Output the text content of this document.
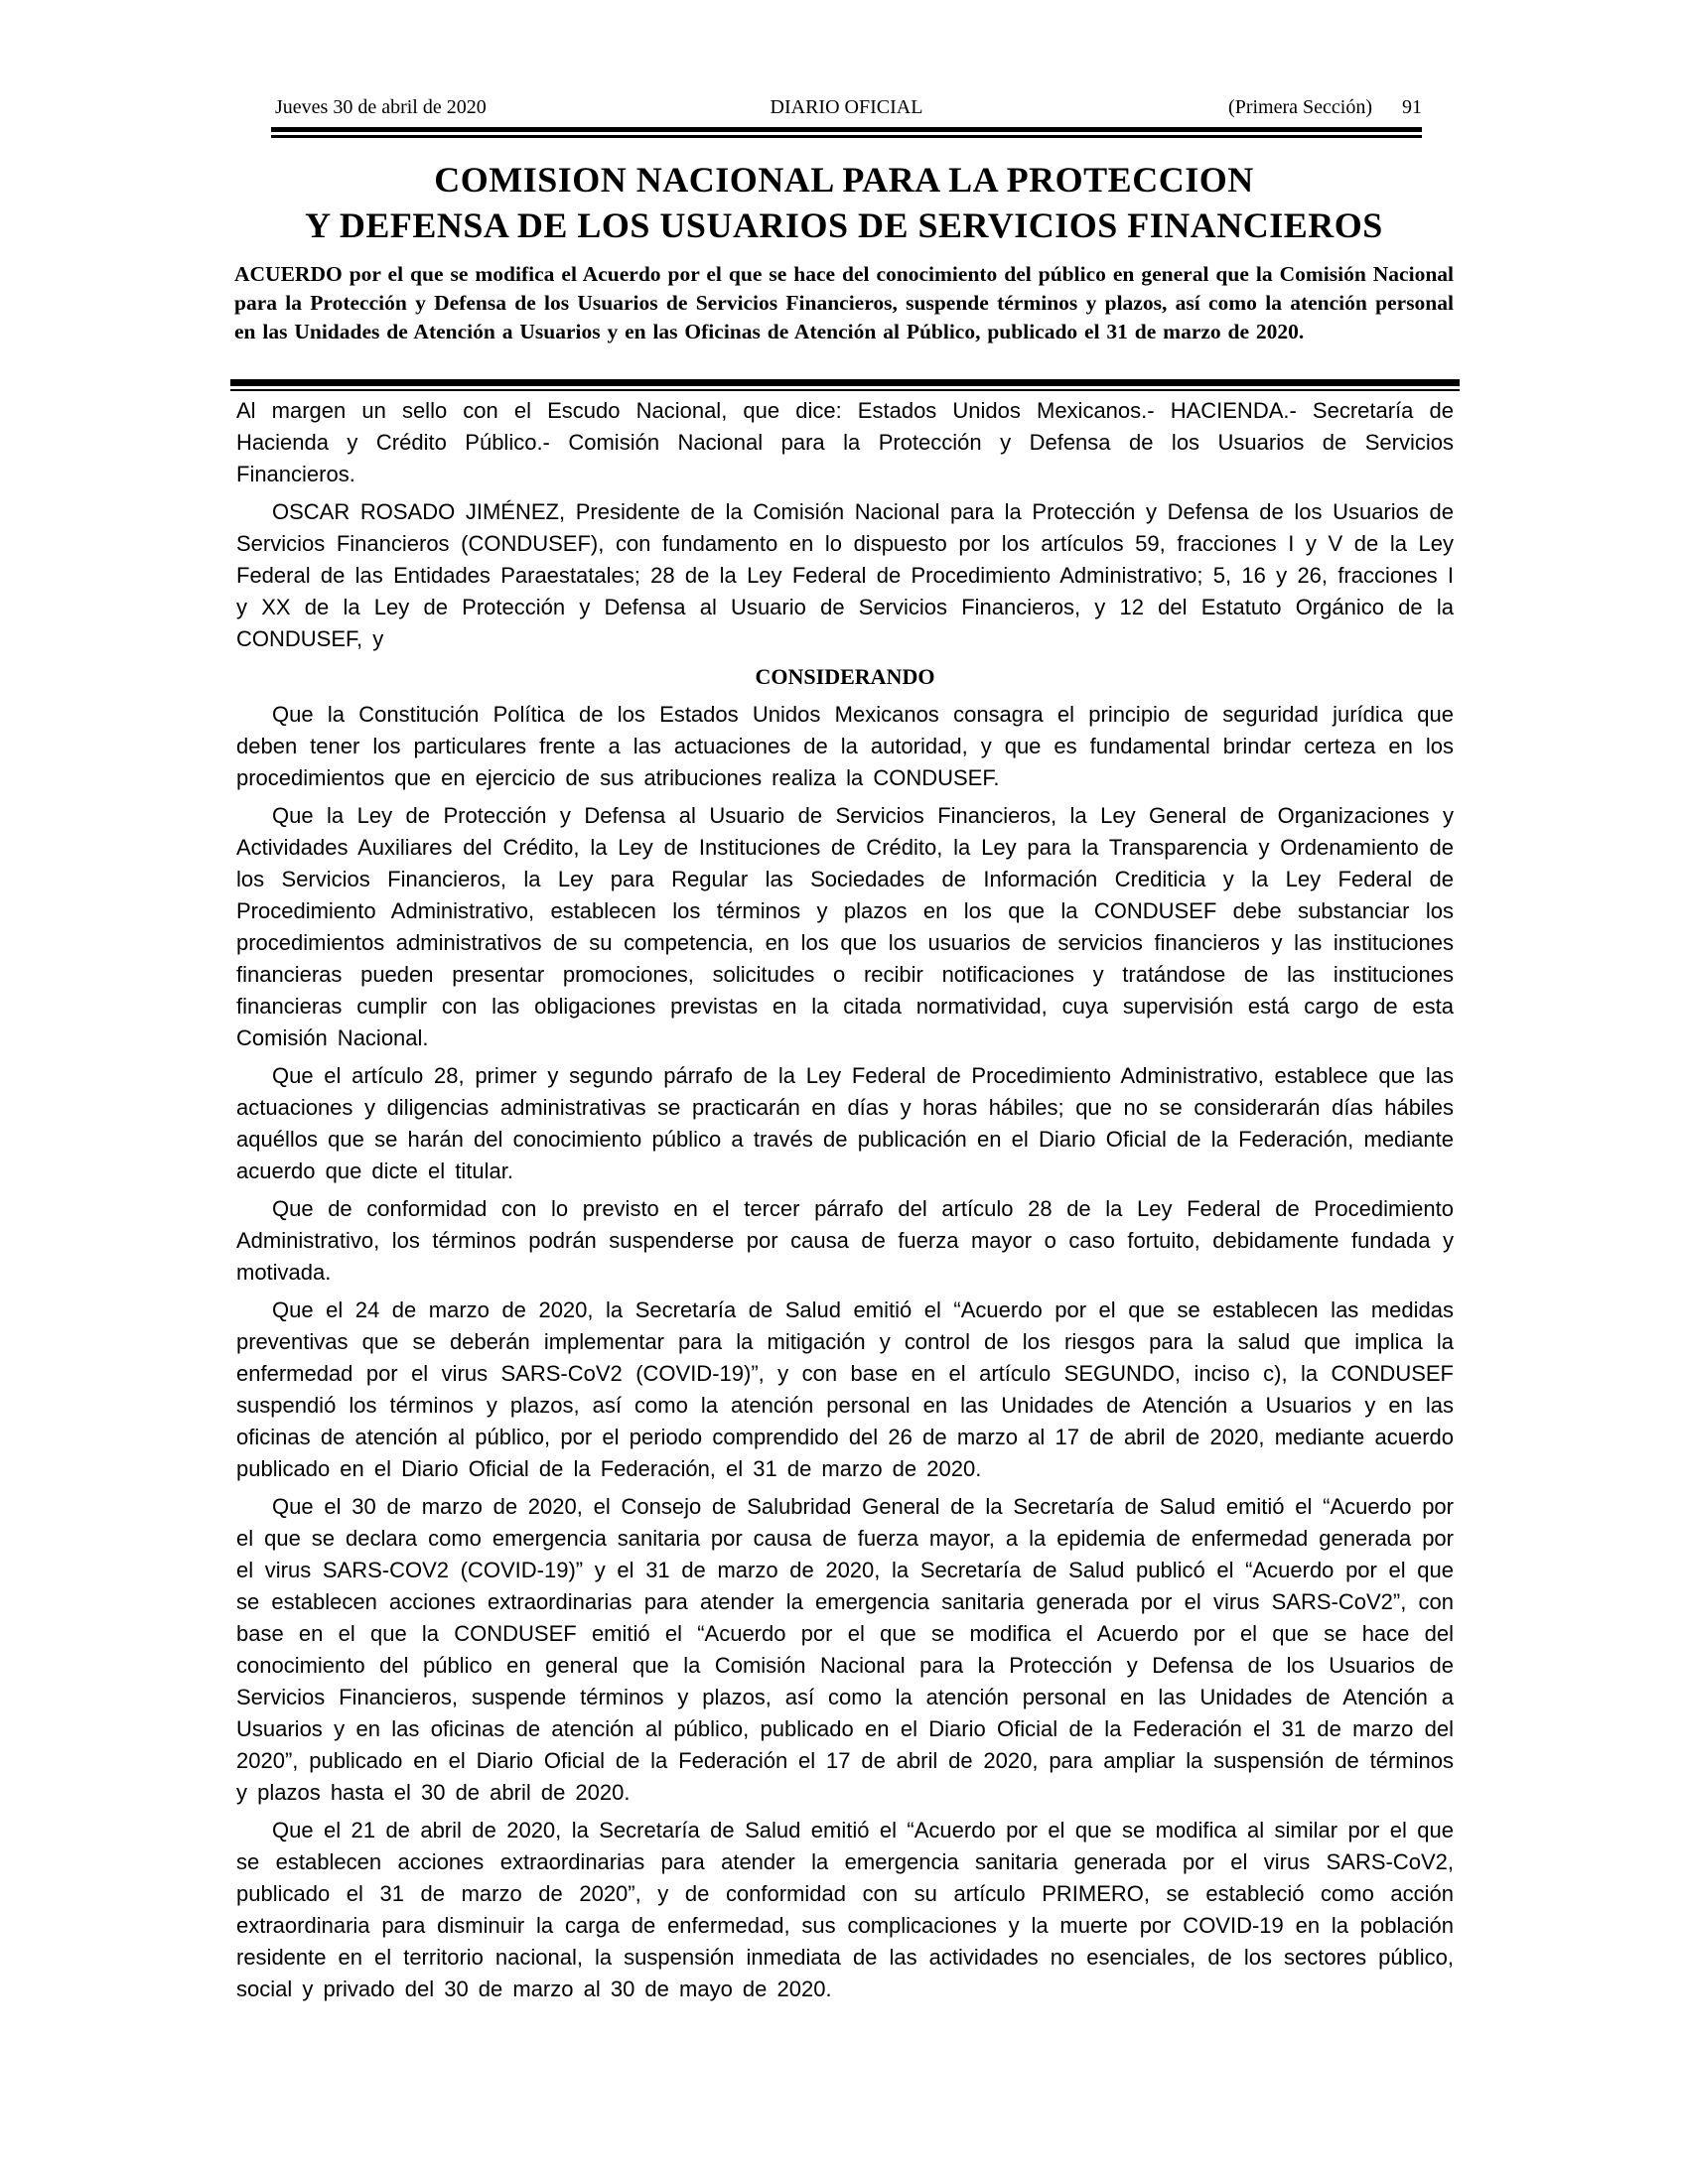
Jueves 30 de abril de 2020	DIARIO OFICIAL	(Primera Sección) 91
COMISION NACIONAL PARA LA PROTECCION
Y DEFENSA DE LOS USUARIOS DE SERVICIOS FINANCIEROS
ACUERDO por el que se modifica el Acuerdo por el que se hace del conocimiento del público en general que la Comisión Nacional para la Protección y Defensa de los Usuarios de Servicios Financieros, suspende términos y plazos, así como la atención personal en las Unidades de Atención a Usuarios y en las Oficinas de Atención al Público, publicado el 31 de marzo de 2020.

Al margen un sello con el Escudo Nacional, que dice: Estados Unidos Mexicanos.- HACIENDA.- Secretaría de Hacienda y Crédito Público.- Comisión Nacional para la Protección y Defensa de los Usuarios de Servicios Financieros.

OSCAR ROSADO JIMÉNEZ, Presidente de la Comisión Nacional para la Protección y Defensa de los Usuarios de Servicios Financieros (CONDUSEF), con fundamento en lo dispuesto por los artículos 59, fracciones I y V de la Ley Federal de las Entidades Paraestatales; 28 de la Ley Federal de Procedimiento Administrativo; 5, 16 y 26, fracciones I y XX de la Ley de Protección y Defensa al Usuario de Servicios Financieros, y 12 del Estatuto Orgánico de la CONDUSEF, y

CONSIDERANDO

Que la Constitución Política de los Estados Unidos Mexicanos consagra el principio de seguridad jurídica que deben tener los particulares frente a las actuaciones de la autoridad, y que es fundamental brindar certeza en los procedimientos que en ejercicio de sus atribuciones realiza la CONDUSEF.

Que la Ley de Protección y Defensa al Usuario de Servicios Financieros, la Ley General de Organizaciones y Actividades Auxiliares del Crédito, la Ley de Instituciones de Crédito, la Ley para la Transparencia y Ordenamiento de los Servicios Financieros, la Ley para Regular las Sociedades de Información Crediticia y la Ley Federal de Procedimiento Administrativo, establecen los términos y plazos en los que la CONDUSEF debe substanciar los procedimientos administrativos de su competencia, en los que los usuarios de servicios financieros y las instituciones financieras pueden presentar promociones, solicitudes o recibir notificaciones y tratándose de las instituciones financieras cumplir con las obligaciones previstas en la citada normatividad, cuya supervisión está cargo de esta Comisión Nacional.

Que el artículo 28, primer y segundo párrafo de la Ley Federal de Procedimiento Administrativo, establece que las actuaciones y diligencias administrativas se practicarán en días y horas hábiles; que no se considerarán días hábiles aquéllos que se harán del conocimiento público a través de publicación en el Diario Oficial de la Federación, mediante acuerdo que dicte el titular.

Que de conformidad con lo previsto en el tercer párrafo del artículo 28 de la Ley Federal de Procedimiento Administrativo, los términos podrán suspenderse por causa de fuerza mayor o caso fortuito, debidamente fundada y motivada.

Que el 24 de marzo de 2020, la Secretaría de Salud emitió el “Acuerdo por el que se establecen las medidas preventivas que se deberán implementar para la mitigación y control de los riesgos para la salud que implica la enfermedad por el virus SARS-CoV2 (COVID-19)”, y con base en el artículo SEGUNDO, inciso c), la CONDUSEF suspendió los términos y plazos, así como la atención personal en las Unidades de Atención a Usuarios y en las oficinas de atención al público, por el periodo comprendido del 26 de marzo al 17 de abril de 2020, mediante acuerdo publicado en el Diario Oficial de la Federación, el 31 de marzo de 2020.

Que el 30 de marzo de 2020, el Consejo de Salubridad General de la Secretaría de Salud emitió el “Acuerdo por el que se declara como emergencia sanitaria por causa de fuerza mayor, a la epidemia de enfermedad generada por el virus SARS-COV2 (COVID-19)” y el 31 de marzo de 2020, la Secretaría de Salud publicó el “Acuerdo por el que se establecen acciones extraordinarias para atender la emergencia sanitaria generada por el virus SARS-CoV2”, con base en el que la CONDUSEF emitió el “Acuerdo por el que se modifica el Acuerdo por el que se hace del conocimiento del público en general que la Comisión Nacional para la Protección y Defensa de los Usuarios de Servicios Financieros, suspende términos y plazos, así como la atención personal en las Unidades de Atención a Usuarios y en las oficinas de atención al público, publicado en el Diario Oficial de la Federación el 31 de marzo del 2020”, publicado en el Diario Oficial de la Federación el 17 de abril de 2020, para ampliar la suspensión de términos y plazos hasta el 30 de abril de 2020.

Que el 21 de abril de 2020, la Secretaría de Salud emitió el “Acuerdo por el que se modifica al similar por el que se establecen acciones extraordinarias para atender la emergencia sanitaria generada por el virus SARS-CoV2, publicado el 31 de marzo de 2020”, y de conformidad con su artículo PRIMERO, se estableció como acción extraordinaria para disminuir la carga de enfermedad, sus complicaciones y la muerte por COVID-19 en la población residente en el territorio nacional, la suspensión inmediata de las actividades no esenciales, de los sectores público, social y privado del 30 de marzo al 30 de mayo de 2020.
